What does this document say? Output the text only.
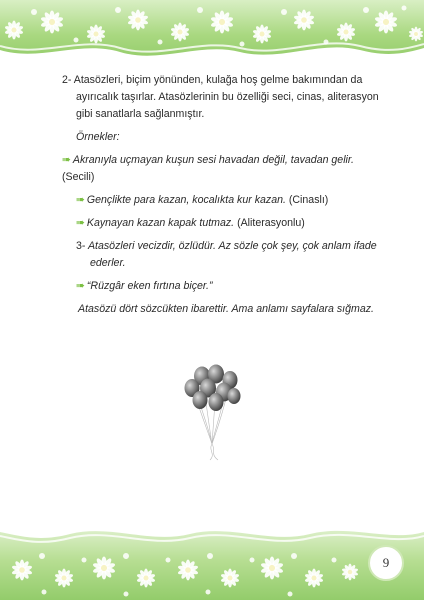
2- Atasözleri, biçim yönünden, kulağa hoş gelme bakımından da ayırıcalık taşırlar. Atasözlerinin bu özelliği seci, cinas, aliterasyon gibi sanatlarla sağlanmıştır.

Örnekler:

➠ Akranıyla uçmayan kuşun sesi havadan değil, tavadan gelir. (Secili)

➠ Gençlikte para kazan, kocalıkta kur kazan. (Cinaslı)

➠ Kaynayan kazan kapak tutmaz. (Aliterasyonlu)

3- Atasözleri vecizdir, özlüdür. Az sözle çok şey, çok anlam ifade ederler.

➠ “Rüzgâr eken fırtına biçer.”

Atasözü dört sözcükten ibarettir. Ama anlamı sayfalara sığmaz.

9
